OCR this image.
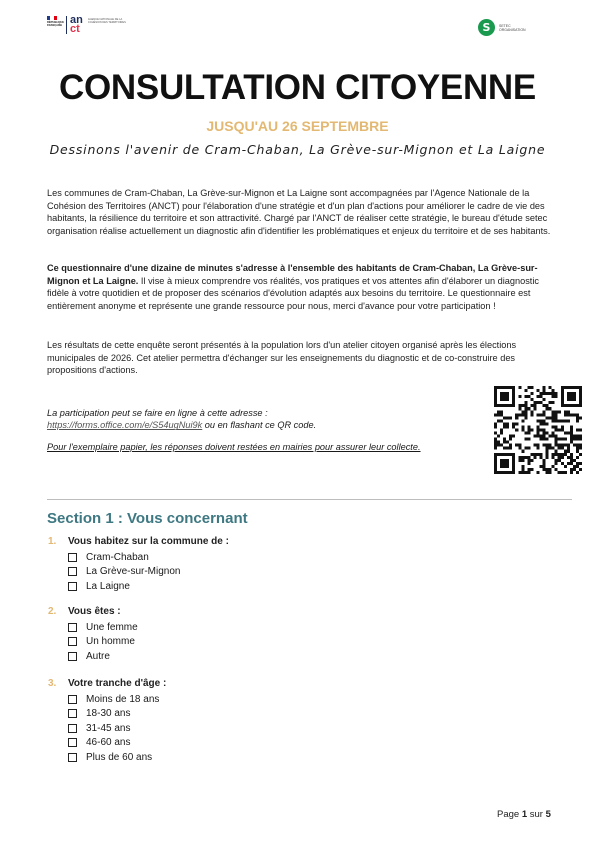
RÉPUBLIQUE FRANÇAISE an
ct
AGENCE NATIONALE DE LA COHÉSION DES TERRITOIRES	S	SETEC
ORGANISATION
CONSULTATION CITOYENNE
JUSQU'AU 26 SEPTEMBRE
Dessinons l'avenir de Cram-Chaban, La Grève-sur-Mignon et La Laigne

Les communes de Cram-Chaban, La Grève-sur-Mignon et La Laigne sont accompagnées par l'Agence Nationale de la Cohésion des Territoires (ANCT) pour l'élaboration d'une stratégie et d'un plan d'actions pour améliorer le cadre de vie des habitants, la résilience du territoire et son attractivité. Chargé par l'ANCT de réaliser cette stratégie, le bureau d'étude setec organisation réalise actuellement un diagnostic afin d'identifier les problématiques et enjeux du territoire et de ses habitants.

Ce questionnaire d'une dizaine de minutes s'adresse à l'ensemble des habitants de Cram-Chaban, La Grève-sur-Mignon et La Laigne. Il vise à mieux comprendre vos réalités, vos pratiques et vos attentes afin d'élaborer un diagnostic fidèle à votre quotidien et de proposer des scénarios d'évolution adaptés aux besoins du territoire. Le questionnaire est entièrement anonyme et représente une grande ressource pour nous, merci d'avance pour votre participation !

Les résultats de cette enquête seront présentés à la population lors d'un atelier citoyen organisé après les élections municipales de 2026. Cet atelier permettra d'échanger sur les enseignements du diagnostic et de co-construire des propositions d'actions.

La participation peut se faire en ligne à cette adresse :
https://forms.office.com/e/S54ugNui9k ou en flashant ce QR code.
Pour l'exemplaire papier, les réponses doivent restées en mairies pour assurer leur collecte.
Section 1 : Vous concernant
1. Vous habitez sur la commune de :
Cram-Chaban
La Grève-sur-Mignon
La Laigne
2. Vous êtes :
Une femme
Un homme
Autre
3. Votre tranche d'âge :
Moins de 18 ans
18-30 ans
31-45 ans
46-60 ans
Plus de 60 ans
Page 1 sur 5
